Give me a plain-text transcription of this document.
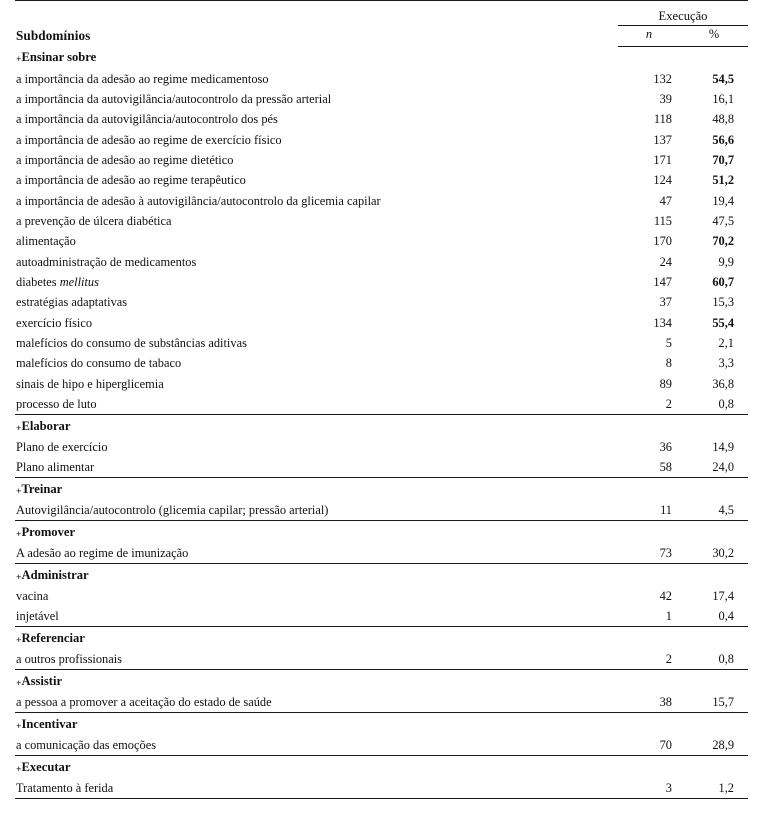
Subdomínios	Execução	
	n	%
+Ensinar sobre		
a importância da adesão ao regime medicamentoso	132	54,5
a importância da autovigilância/autocontrolo da pressão arterial	39	16,1
a importância da autovigilância/autocontrolo dos pés	118	48,8
a importância de adesão ao regime de exercício físico	137	56,6
a importância de adesão ao regime dietético	171	70,7
a importância de adesão ao regime terapêutico	124	51,2
a importância de adesão à autovigilância/autocontrolo da glicemia capilar	47	19,4
a prevenção de úlcera diabética	115	47,5
alimentação	170	70,2
autoadministração de medicamentos	24	9,9
diabetes mellitus	147	60,7
estratégias adaptativas	37	15,3
exercício físico	134	55,4
malefícios do consumo de substâncias aditivas	5	2,1
malefícios do consumo de tabaco	8	3,3
sinais de hipo e hiperglicemia	89	36,8
processo de luto	2	0,8
+Elaborar		
Plano de exercício	36	14,9
Plano alimentar	58	24,0
+Treinar		
Autovigilância/autocontrolo (glicemia capilar; pressão arterial)	11	4,5
+Promover		
A adesão ao regime de imunização	73	30,2
+Administrar		
vacina	42	17,4
injetável	1	0,4
+Referenciar		
a outros profissionais	2	0,8
+Assistir		
a pessoa a promover a aceitação do estado de saúde	38	15,7
+Incentivar		
a comunicação das emoções	70	28,9
+Executar		
Tratamento à ferida	3	1,2
